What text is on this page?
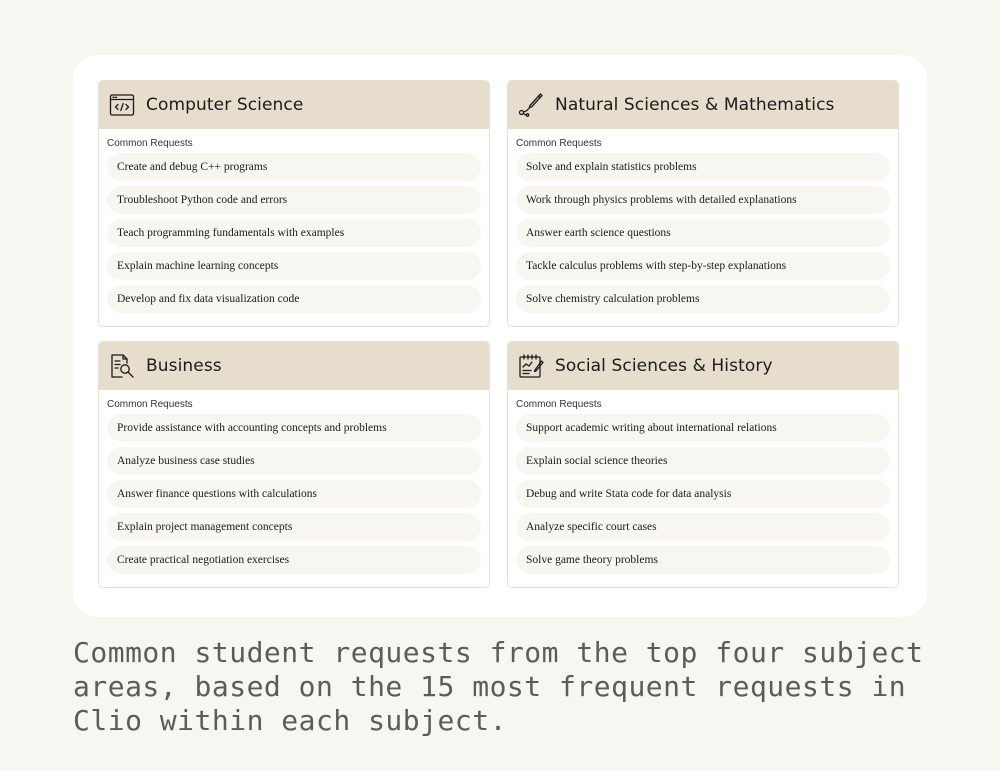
Computer Science
Common Requests
Create and debug C++ programs
Troubleshoot Python code and errors
Teach programming fundamentals with examples
Explain machine learning concepts
Develop and fix data visualization code
Natural Sciences & Mathematics
Common Requests
Solve and explain statistics problems
Work through physics problems with detailed explanations
Answer earth science questions
Tackle calculus problems with step-by-step explanations
Solve chemistry calculation problems
Business
Common Requests
Provide assistance with accounting concepts and problems
Analyze business case studies
Answer finance questions with calculations
Explain project management concepts
Create practical negotiation exercises
Social Sciences & History
Common Requests
Support academic writing about international relations
Explain social science theories
Debug and write Stata code for data analysis
Analyze specific court cases
Solve game theory problems

Common student requests from the top four subject areas, based on the 15 most frequent requests in Clio within each subject.
